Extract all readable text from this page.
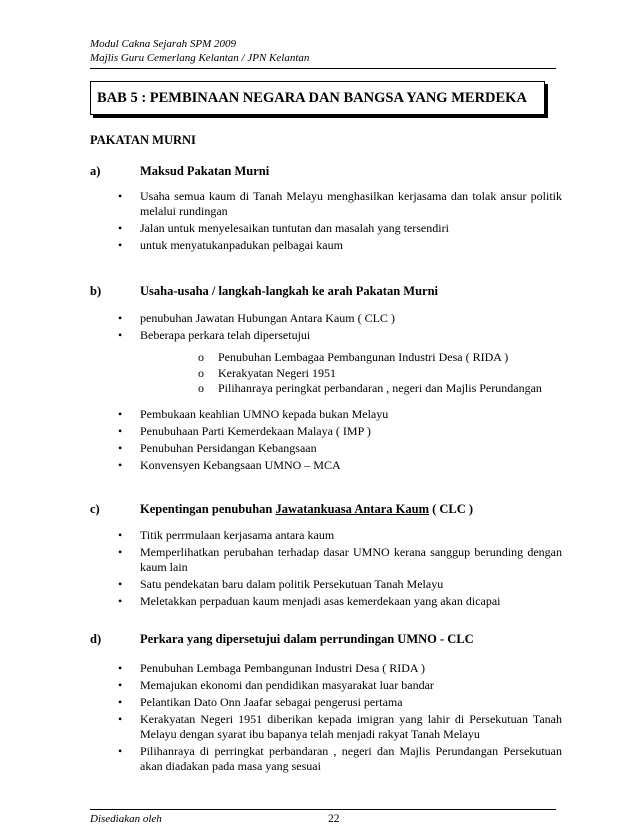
Modul Cakna Sejarah SPM 2009
Majlis Guru Cemerlang Kelantan / JPN Kelantan
BAB 5 : PEMBINAAN NEGARA DAN BANGSA YANG MERDEKA
PAKATAN MURNI
a)	Maksud Pakatan Murni
• Usaha semua kaum di Tanah Melayu menghasilkan kerjasama dan tolak ansur politik melalui rundingan
• Jalan untuk menyelesaikan tuntutan dan masalah yang tersendiri
• untuk menyatukanpadukan pelbagai kaum
b)	Usaha-usaha / langkah-langkah ke arah Pakatan Murni
• penubuhan Jawatan Hubungan Antara Kaum ( CLC )
• Beberapa perkara telah dipersetujui
o Penubuhan Lembagaa Pembangunan Industri Desa ( RIDA )
o Kerakyatan Negeri 1951
o Pilihanraya peringkat perbandaran , negeri dan Majlis Perundangan
• Pembukaan keahlian UMNO kepada bukan Melayu
• Penubuhaan Parti Kemerdekaan Malaya ( IMP )
• Penubuhan Persidangan Kebangsaan
• Konvensyen Kebangsaan UMNO – MCA
c)	Kepentingan penubuhan Jawatankuasa Antara Kaum ( CLC )
• Titik perrmulaan kerjasama antara kaum
• Memperlihatkan perubahan terhadap dasar UMNO kerana sanggup berunding dengan kaum lain
• Satu pendekatan baru dalam politik Persekutuan Tanah Melayu
• Meletakkan perpaduan kaum menjadi asas kemerdekaan yang akan dicapai
d)	Perkara yang dipersetujui dalam perrundingan UMNO - CLC
• Penubuhan Lembaga Pembangunan Industri Desa ( RIDA )
• Memajukan ekonomi dan pendidikan masyarakat luar bandar
• Pelantikan Dato Onn Jaafar sebagai pengerusi pertama
• Kerakyatan Negeri 1951 diberikan kepada imigran yang lahir di Persekutuan Tanah Melayu dengan syarat ibu bapanya telah menjadi rakyat Tanah Melayu
• Pilihanraya di perringkat perbandaran , negeri dan Majlis Perundangan Persekutuan akan diadakan pada masa yang sesuai
Disediakan oleh	22
